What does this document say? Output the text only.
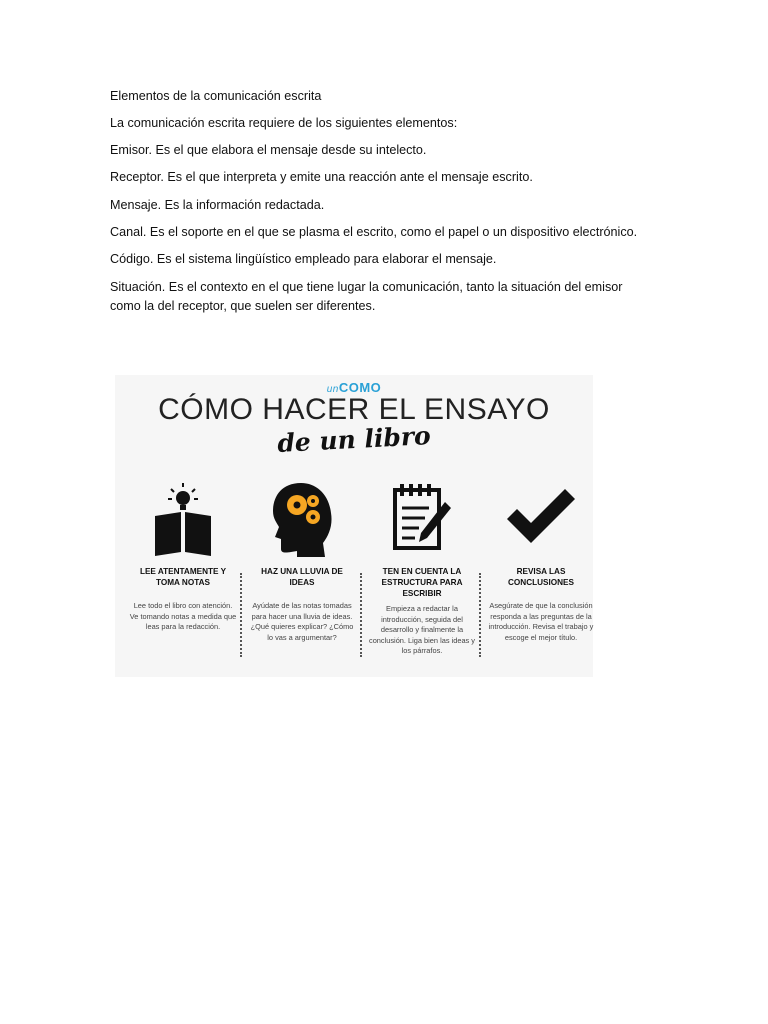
Elementos de la comunicación escrita

La comunicación escrita requiere de los siguientes elementos:

Emisor. Es el que elabora el mensaje desde su intelecto.

Receptor. Es el que interpreta y emite una reacción ante el mensaje escrito.

Mensaje. Es la información redactada.

Canal. Es el soporte en el que se plasma el escrito, como el papel o un dispositivo electrónico.

Código. Es el sistema lingüístico empleado para elaborar el mensaje.

Situación. Es el contexto en el que tiene lugar la comunicación, tanto la situación del emisor como la del receptor, que suelen ser diferentes.

unCOMO
CÓMO HACER EL ENSAYO
de un libro
LEE ATENTAMENTE Y TOMA NOTAS
Lee todo el libro con atención. Ve tomando notas a medida que leas para la redacción.
HAZ UNA LLUVIA DE IDEAS
Ayúdate de las notas tomadas para hacer una lluvia de ideas. ¿Qué quieres explicar? ¿Cómo lo vas a argumentar?
TEN EN CUENTA LA ESTRUCTURA PARA ESCRIBIR
Empieza a redactar la introducción, seguida del desarrollo y finalmente la conclusión. Liga bien las ideas y los párrafos.
REVISA LAS CONCLUSIONES
Asegúrate de que la conclusión responda a las preguntas de la introducción. Revisa el trabajo y escoge el mejor título.
